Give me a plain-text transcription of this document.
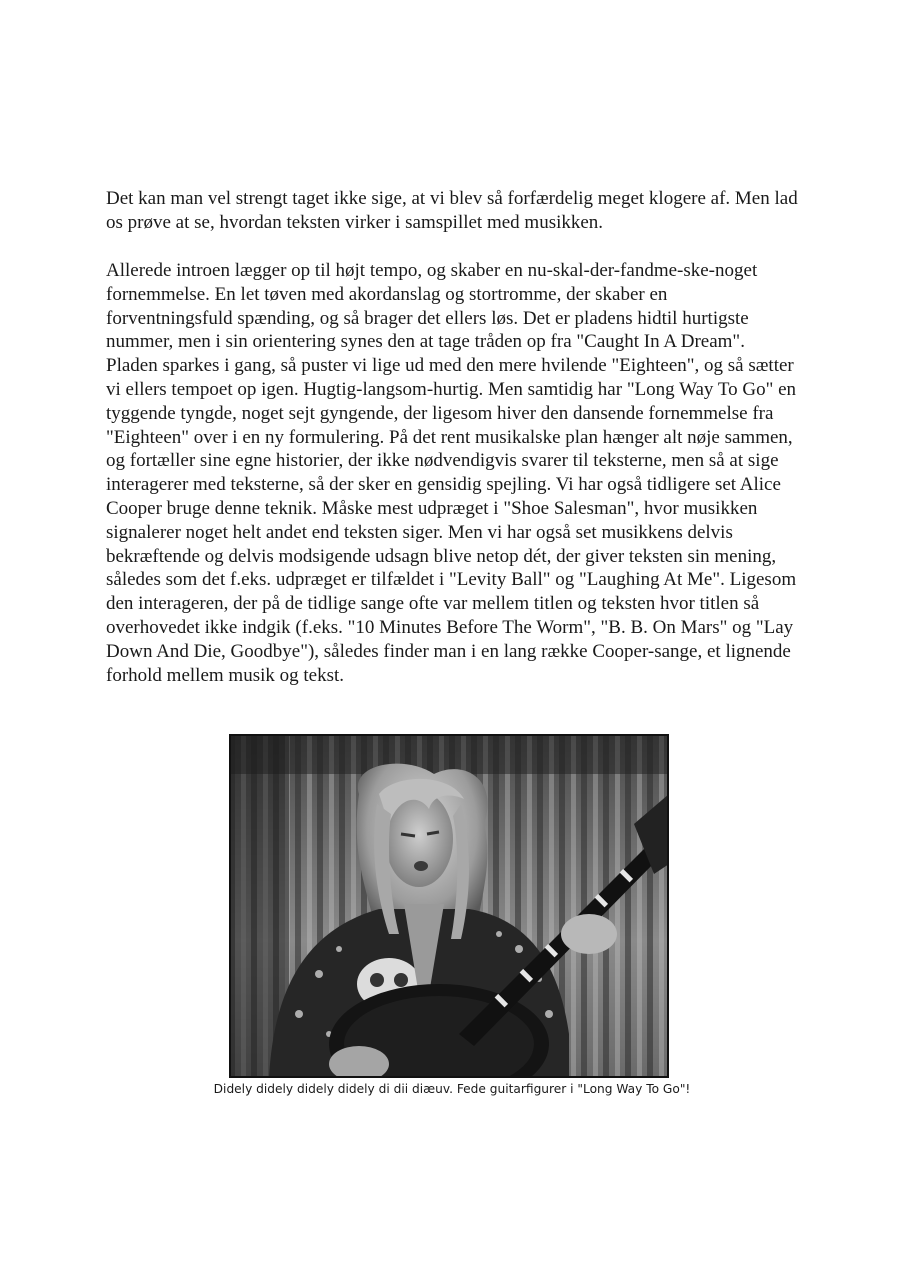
Det kan man vel strengt taget ikke sige, at vi blev så forfærdelig meget klogere af. Men lad os prøve at se, hvordan teksten virker i samspillet med musikken.

Allerede introen lægger op til højt tempo, og skaber en nu-skal-der-fandme-ske-noget fornemmelse. En let tøven med akordanslag og stortromme, der skaber en forventningsfuld spænding, og så brager det ellers løs. Det er pladens hidtil hurtigste nummer, men i sin orientering synes den at tage tråden op fra "Caught In A Dream". Pladen sparkes i gang, så puster vi lige ud med den mere hvilende "Eighteen", og så sætter vi ellers tempoet op igen. Hugtig-langsom-hurtig. Men samtidig har "Long Way To Go" en tyggende tyngde, noget sejt gyngende, der ligesom hiver den dansende fornemmelse fra "Eighteen" over i en ny formulering. På det rent musikalske plan hænger alt nøje sammen, og fortæller sine egne historier, der ikke nødvendigvis svarer til teksterne, men så at sige interagerer med teksterne, så der sker en gensidig spejling. Vi har også tidligere set Alice Cooper bruge denne teknik. Måske mest udpræget i "Shoe Salesman", hvor musikken signalerer noget helt andet end teksten siger. Men vi har også set musikkens delvis bekræftende og delvis modsigende udsagn blive netop dét, der giver teksten sin mening, således som det f.eks. udpræget er tilfældet i "Levity Ball" og "Laughing At Me". Ligesom den interageren, der på de tidlige sange ofte var mellem titlen og teksten hvor titlen så overhovedet ikke indgik (f.eks. "10 Minutes Before The Worm", "B. B. On Mars" og "Lay Down And Die, Goodbye"), således finder man i en lang række Cooper-sange, et lignende forhold mellem musik og tekst.

Didely didely didely didely di dii diæuv. Fede guitarfigurer i "Long Way To Go"!
